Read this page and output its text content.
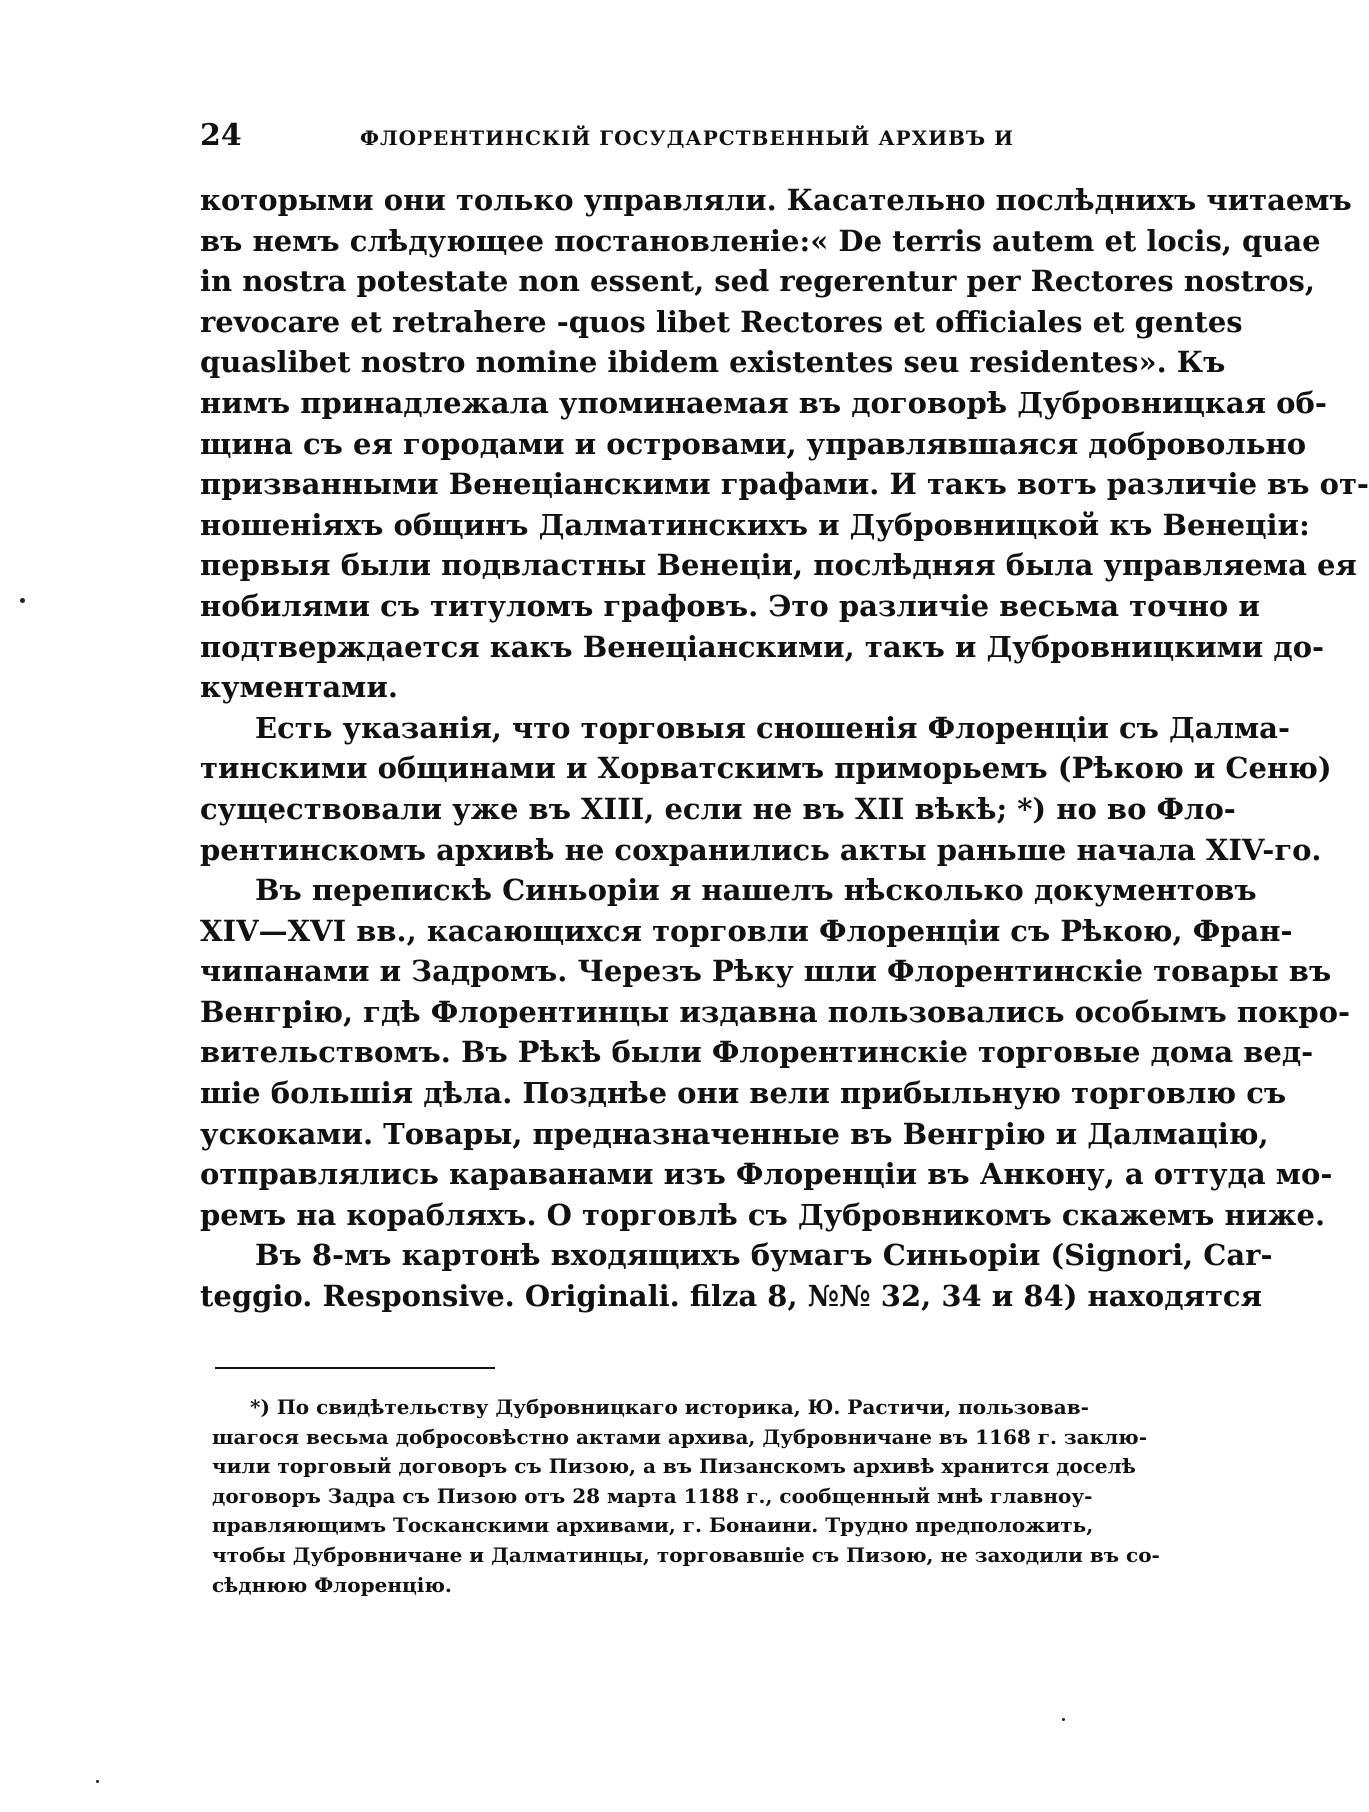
24	ФЛОРЕНТИНСКІЙ ГОСУДАРСТВЕННЫЙ АРХИВЪ И
которыми они только управляли. Касательно послѣднихъ читаемъ
въ немъ слѣдующее постановленіе:« De terris autem et locis, quae
in nostra potestate non essent, sed regerentur per Rectores nostros,
revocare et retrahere -quos libet Rectores et officiales et gentes
quaslibet nostro nomine ibidem existentes seu residentes». Къ
нимъ принадлежала упоминаемая въ договорѣ Дубровницкая об-
щина съ ея городами и островами, управлявшаяся добровольно
призванными Венеціанскими графами. И такъ вотъ различіе въ от-
ношеніяхъ общинъ Далматинскихъ и Дубровницкой къ Венеціи:
первыя были подвластны Венеціи, послѣдняя была управляема ея
нобилями съ титуломъ графовъ. Это различіе весьма точно и
подтверждается какъ Венеціанскими, такъ и Дубровницкими до-
кументами.
Есть указанія, что торговыя сношенія Флоренціи съ Далма-
тинскими общинами и Хорватскимъ приморьемъ (Рѣкою и Сеню)
существовали уже въ XIII, если не въ XII вѣкѣ; *) но во Фло-
рентинскомъ архивѣ не сохранились акты раньше начала XIV-го.
Въ перепискѣ Синьоріи я нашелъ нѣсколько документовъ
XIV—XVI вв., касающихся торговли Флоренціи съ Рѣкою, Фран-
чипанами и Задромъ. Черезъ Рѣку шли Флорентинскіе товары въ
Венгрію, гдѣ Флорентинцы издавна пользовались особымъ покро-
вительствомъ. Въ Рѣкѣ были Флорентинскіе торговые дома вед-
шіе большія дѣла. Позднѣе они вели прибыльную торговлю съ
ускоками. Товары, предназначенные въ Венгрію и Далмацію,
отправлялись караванами изъ Флоренціи въ Анкону, а оттуда мо-
ремъ на корабляхъ. О торговлѣ съ Дубровникомъ скажемъ ниже.
Въ 8-мъ картонѣ входящихъ бумагъ Синьоріи (Signori, Car-
teggio. Responsive. Originali. filza 8, №№ 32, 34 и 84) находятся
*) По свидѣтельству Дубровницкаго историка, Ю. Растичи, пользовав-
шагося весьма добросовѣстно актами архива, Дубровничане въ 1168 г. заклю-
чили торговый договоръ съ Пизою, а въ Пизанскомъ архивѣ хранится доселѣ
договоръ Задра съ Пизою отъ 28 марта 1188 г., сообщенный мнѣ главноу-
правляющимъ Тосканскими архивами, г. Бонаини. Трудно предположить,
чтобы Дубровничане и Далматинцы, торговавшіе съ Пизою, не заходили въ со-
сѣднюю Флоренцію.
